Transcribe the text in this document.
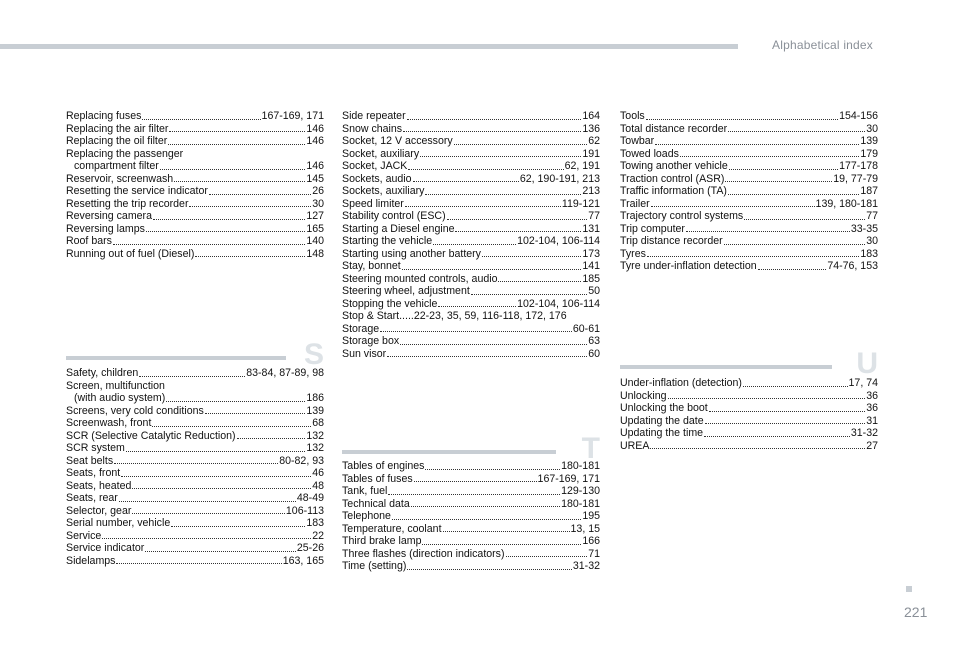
Alphabetical index
Replacing fuses	167-169, 171
Replacing the air filter	146
Replacing the oil filter	146
Replacing the passenger
compartment filter	146
Reservoir, screenwash	145
Resetting the service indicator	26
Resetting the trip recorder	30
Reversing camera	127
Reversing lamps	165
Roof bars	140
Running out of fuel (Diesel)	148
S
Safety, children	83-84, 87-89, 98
Screen, multifunction
(with audio system)	186
Screens, very cold conditions	139
Screenwash, front	68
SCR (Selective Catalytic Reduction)	132
SCR system	132
Seat belts	80-82, 93
Seats, front	46
Seats, heated	48
Seats, rear	48-49
Selector, gear	106-113
Serial number, vehicle	183
Service	22
Service indicator	25-26
Sidelamps	163, 165
Side repeater	164
Snow chains	136
Socket, 12 V accessory	62
Socket, auxiliary	191
Socket, JACK	62, 191
Sockets, audio	62, 190-191, 213
Sockets, auxiliary	213
Speed limiter	119-121
Stability control (ESC)	77
Starting a Diesel engine	131
Starting the vehicle	102-104, 106-114
Starting using another battery	173
Stay, bonnet	141
Steering mounted controls, audio	185
Steering wheel, adjustment	50
Stopping the vehicle	102-104, 106-114
Stop & Start.....22-23, 35, 59, 116-118, 172, 176
Storage	60-61
Storage box	63
Sun visor	60
T
Tables of engines	180-181
Tables of fuses	167-169, 171
Tank, fuel	129-130
Technical data	180-181
Telephone	195
Temperature, coolant	13, 15
Third brake lamp	166
Three flashes (direction indicators)	71
Time (setting)	31-32
Tools	154-156
Total distance recorder	30
Towbar	139
Towed loads	179
Towing another vehicle	177-178
Traction control (ASR)	19, 77-79
Traffic information (TA)	187
Trailer	139, 180-181
Trajectory control systems	77
Trip computer	33-35
Trip distance recorder	30
Tyres	183
Tyre under-inflation detection	74-76, 153
U
Under-inflation (detection)	17, 74
Unlocking	36
Unlocking the boot	36
Updating the date	31
Updating the time	31-32
UREA	27
221
